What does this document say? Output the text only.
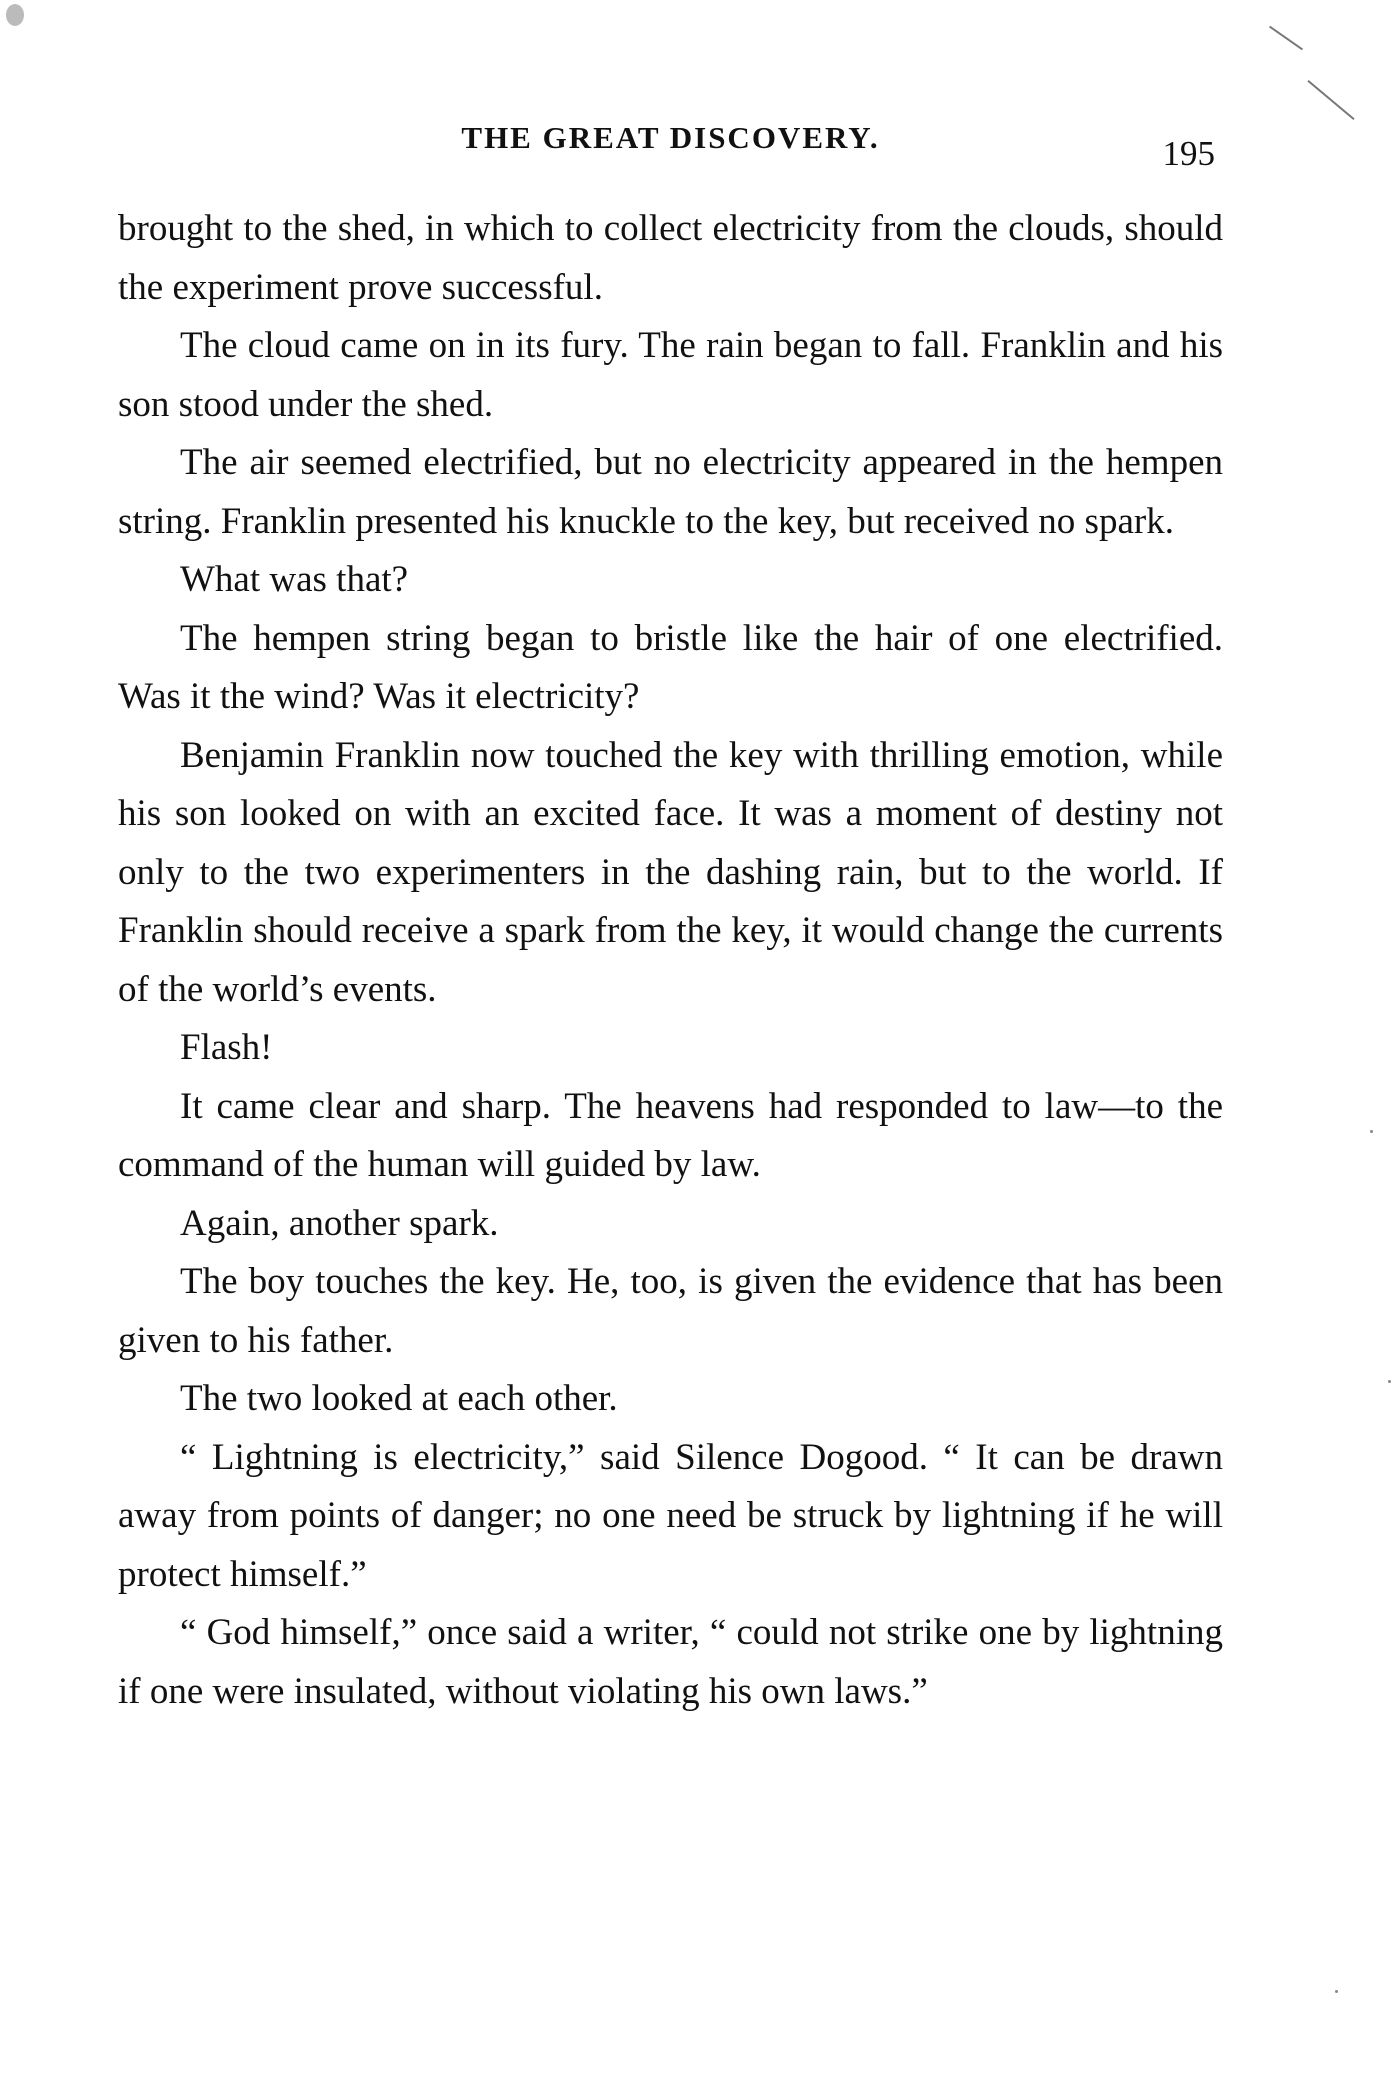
THE GREAT DISCOVERY.	195

brought to the shed, in which to collect electricity from the clouds, should the experiment prove successful.

The cloud came on in its fury. The rain began to fall. Franklin and his son stood under the shed.

The air seemed electrified, but no electricity appeared in the hempen string. Franklin presented his knuckle to the key, but received no spark.

What was that?

The hempen string began to bristle like the hair of one electrified. Was it the wind? Was it electricity?

Benjamin Franklin now touched the key with thrilling emotion, while his son looked on with an excited face. It was a moment of destiny not only to the two experimenters in the dashing rain, but to the world. If Franklin should receive a spark from the key, it would change the currents of the world’s events.

Flash!

It came clear and sharp. The heavens had responded to law—to the command of the human will guided by law.

Again, another spark.

The boy touches the key. He, too, is given the evidence that has been given to his father.

The two looked at each other.

“ Lightning is electricity,” said Silence Dogood. “ It can be drawn away from points of danger; no one need be struck by lightning if he will protect himself.”

“ God himself,” once said a writer, “ could not strike one by lightning if one were insulated, without violating his own laws.”
